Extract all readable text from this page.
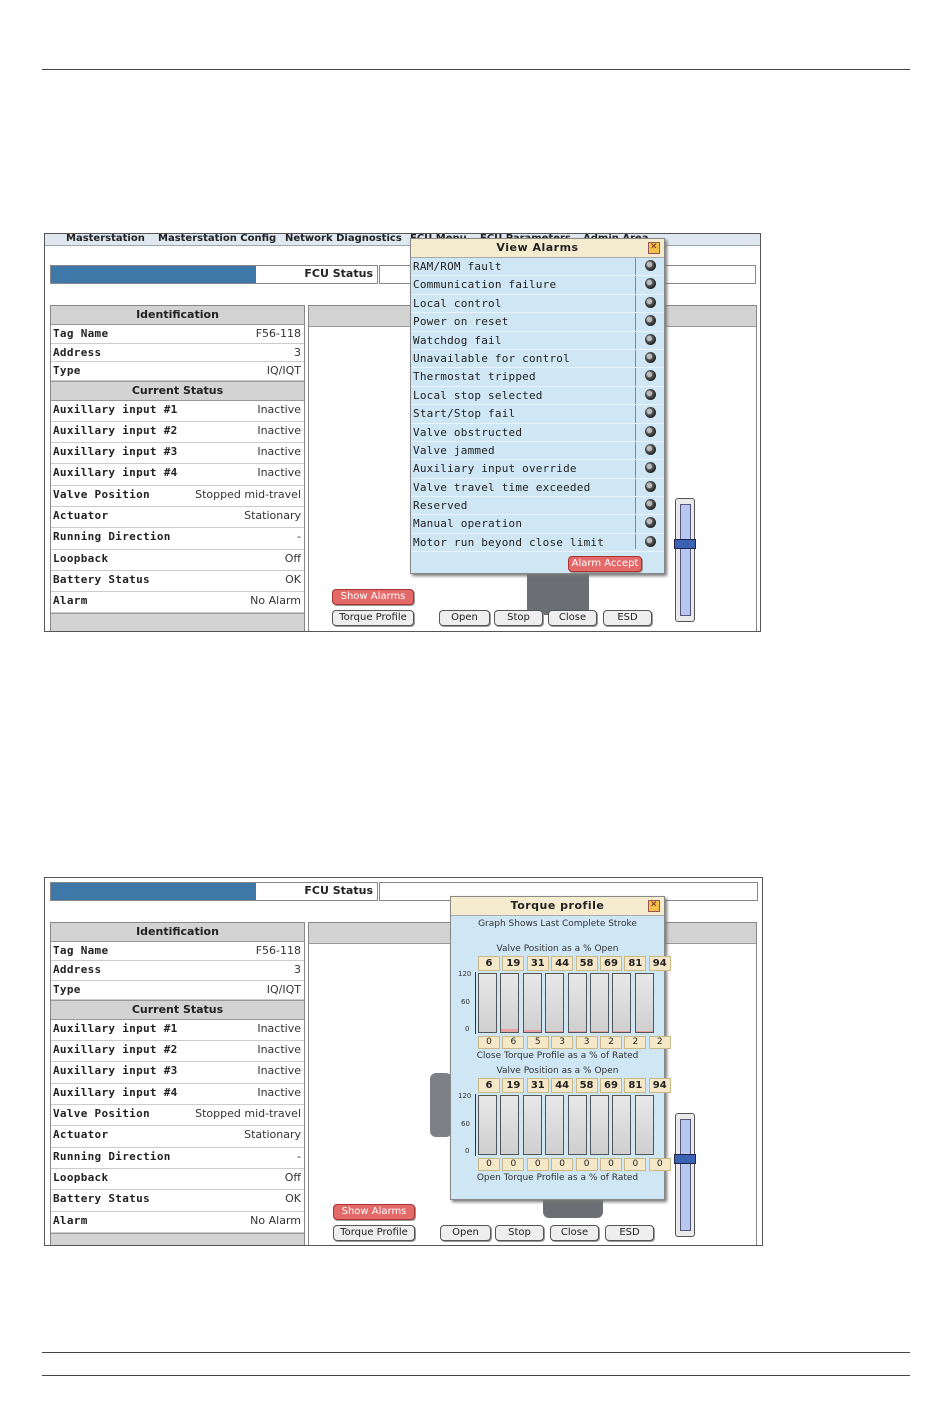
Masterstation Masterstation Config Network Diagnostics
FCU Status
Identification
Tag Name	F56-118
Address	3
Type	IQ/IQT
Current Status
Auxillary input #1	Inactive
Auxillary input #2	Inactive
Auxillary input #3	Inactive
Auxillary input #4	Inactive
Valve Position	Stopped mid-travel
Actuator	Stationary
Running Direction	-
Loopback	Off
Battery Status	OK
Alarm	No Alarm	Show Alarms
Torque Profile	Open	Stop	Close	ESD
View Alarms	✕
RAM/ROM fault
Communication failure
Local control
Power on reset
Watchdog fail
Unavailable for control
Thermostat tripped
Local stop selected
Start/Stop fail
Valve obstructed
Valve jammed
Auxiliary input override
Valve travel time exceeded
Reserved
Manual operation
Motor run beyond close limit
Alarm Accept
FCU Status
Identification
Tag Name	F56-118
Address	3
Type	IQ/IQT
Current Status
Auxillary input #1	Inactive
Auxillary input #2	Inactive
Auxillary input #3	Inactive
Auxillary input #4	Inactive
Valve Position	Stopped mid-travel
Actuator	Stationary
Running Direction	-
Loopback	Off
Battery Status	OK
Alarm	No Alarm
Show Alarms
Torque Profile	Open	Stop	Close	ESD
Torque profile	✕
Graph Shows Last Complete Stroke
Valve Position as a % Open
6	19	31	44	58	69	81	94
120
60
0
0	6	5	3	3	2	2	2
Close Torque Profile as a % of Rated
Valve Position as a % Open
6	19	31	44	58	69	81	94
120
60
0
0	0	0	0	0	0	0	0
Open Torque Profile as a % of Rated
